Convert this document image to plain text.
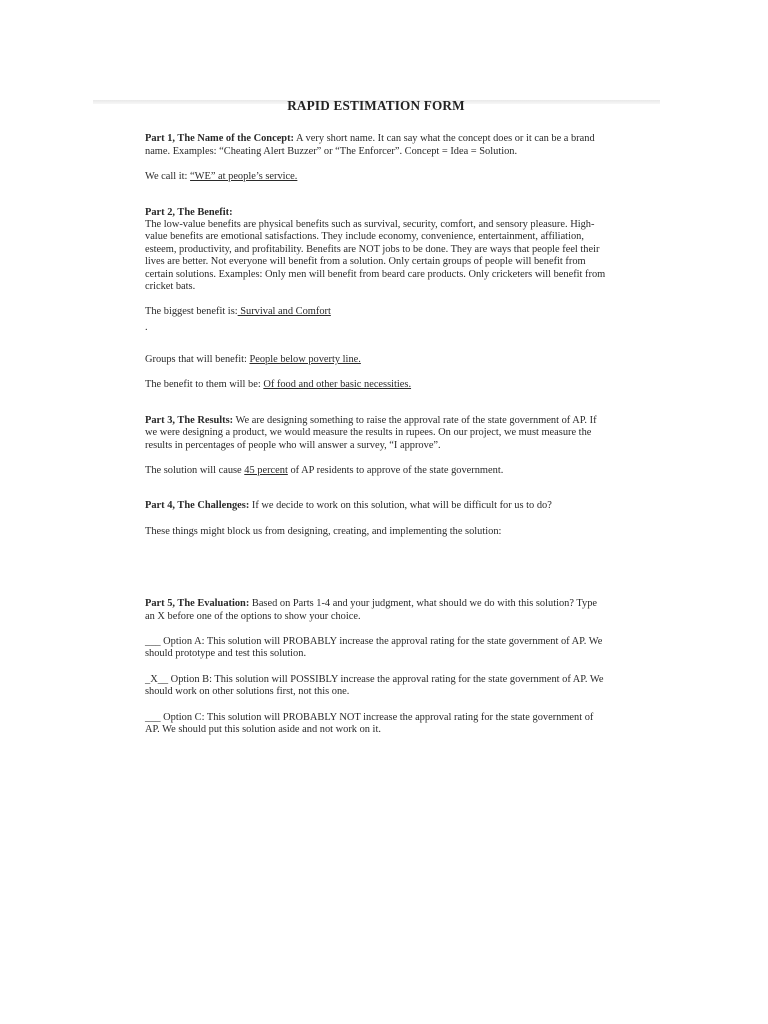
RAPID ESTIMATION FORM

Part 1, The Name of the Concept: A very short name. It can say what the concept does or it can be a brand name. Examples: “Cheating Alert Buzzer” or “The Enforcer”. Concept = Idea = Solution.

We call it: “WE” at people’s service.

Part 2, The Benefit:
The low-value benefits are physical benefits such as survival, security, comfort, and sensory pleasure. High-value benefits are emotional satisfactions. They include economy, convenience, entertainment, affiliation, esteem, productivity, and profitability. Benefits are NOT jobs to be done. They are ways that people feel their lives are better. Not everyone will benefit from a solution. Only certain groups of people will benefit from certain solutions. Examples: Only men will benefit from beard care products. Only cricketers will benefit from cricket bats.

The biggest benefit is: Survival and Comfort

.

Groups that will benefit: People below poverty line.

The benefit to them will be: Of food and other basic necessities.

Part 3, The Results: We are designing something to raise the approval rate of the state government of AP. If we were designing a product, we would measure the results in rupees. On our project, we must measure the results in percentages of people who will answer a survey, “I approve”.

The solution will cause 45 percent of AP residents to approve of the state government.

Part 4, The Challenges: If we decide to work on this solution, what will be difficult for us to do?

These things might block us from designing, creating, and implementing the solution:

Part 5, The Evaluation: Based on Parts 1-4 and your judgment, what should we do with this solution? Type an X before one of the options to show your choice.

___ Option A: This solution will PROBABLY increase the approval rating for the state government of AP. We should prototype and test this solution.

_X__ Option B: This solution will POSSIBLY increase the approval rating for the state government of AP. We should work on other solutions first, not this one.

___ Option C: This solution will PROBABLY NOT increase the approval rating for the state government of AP. We should put this solution aside and not work on it.
